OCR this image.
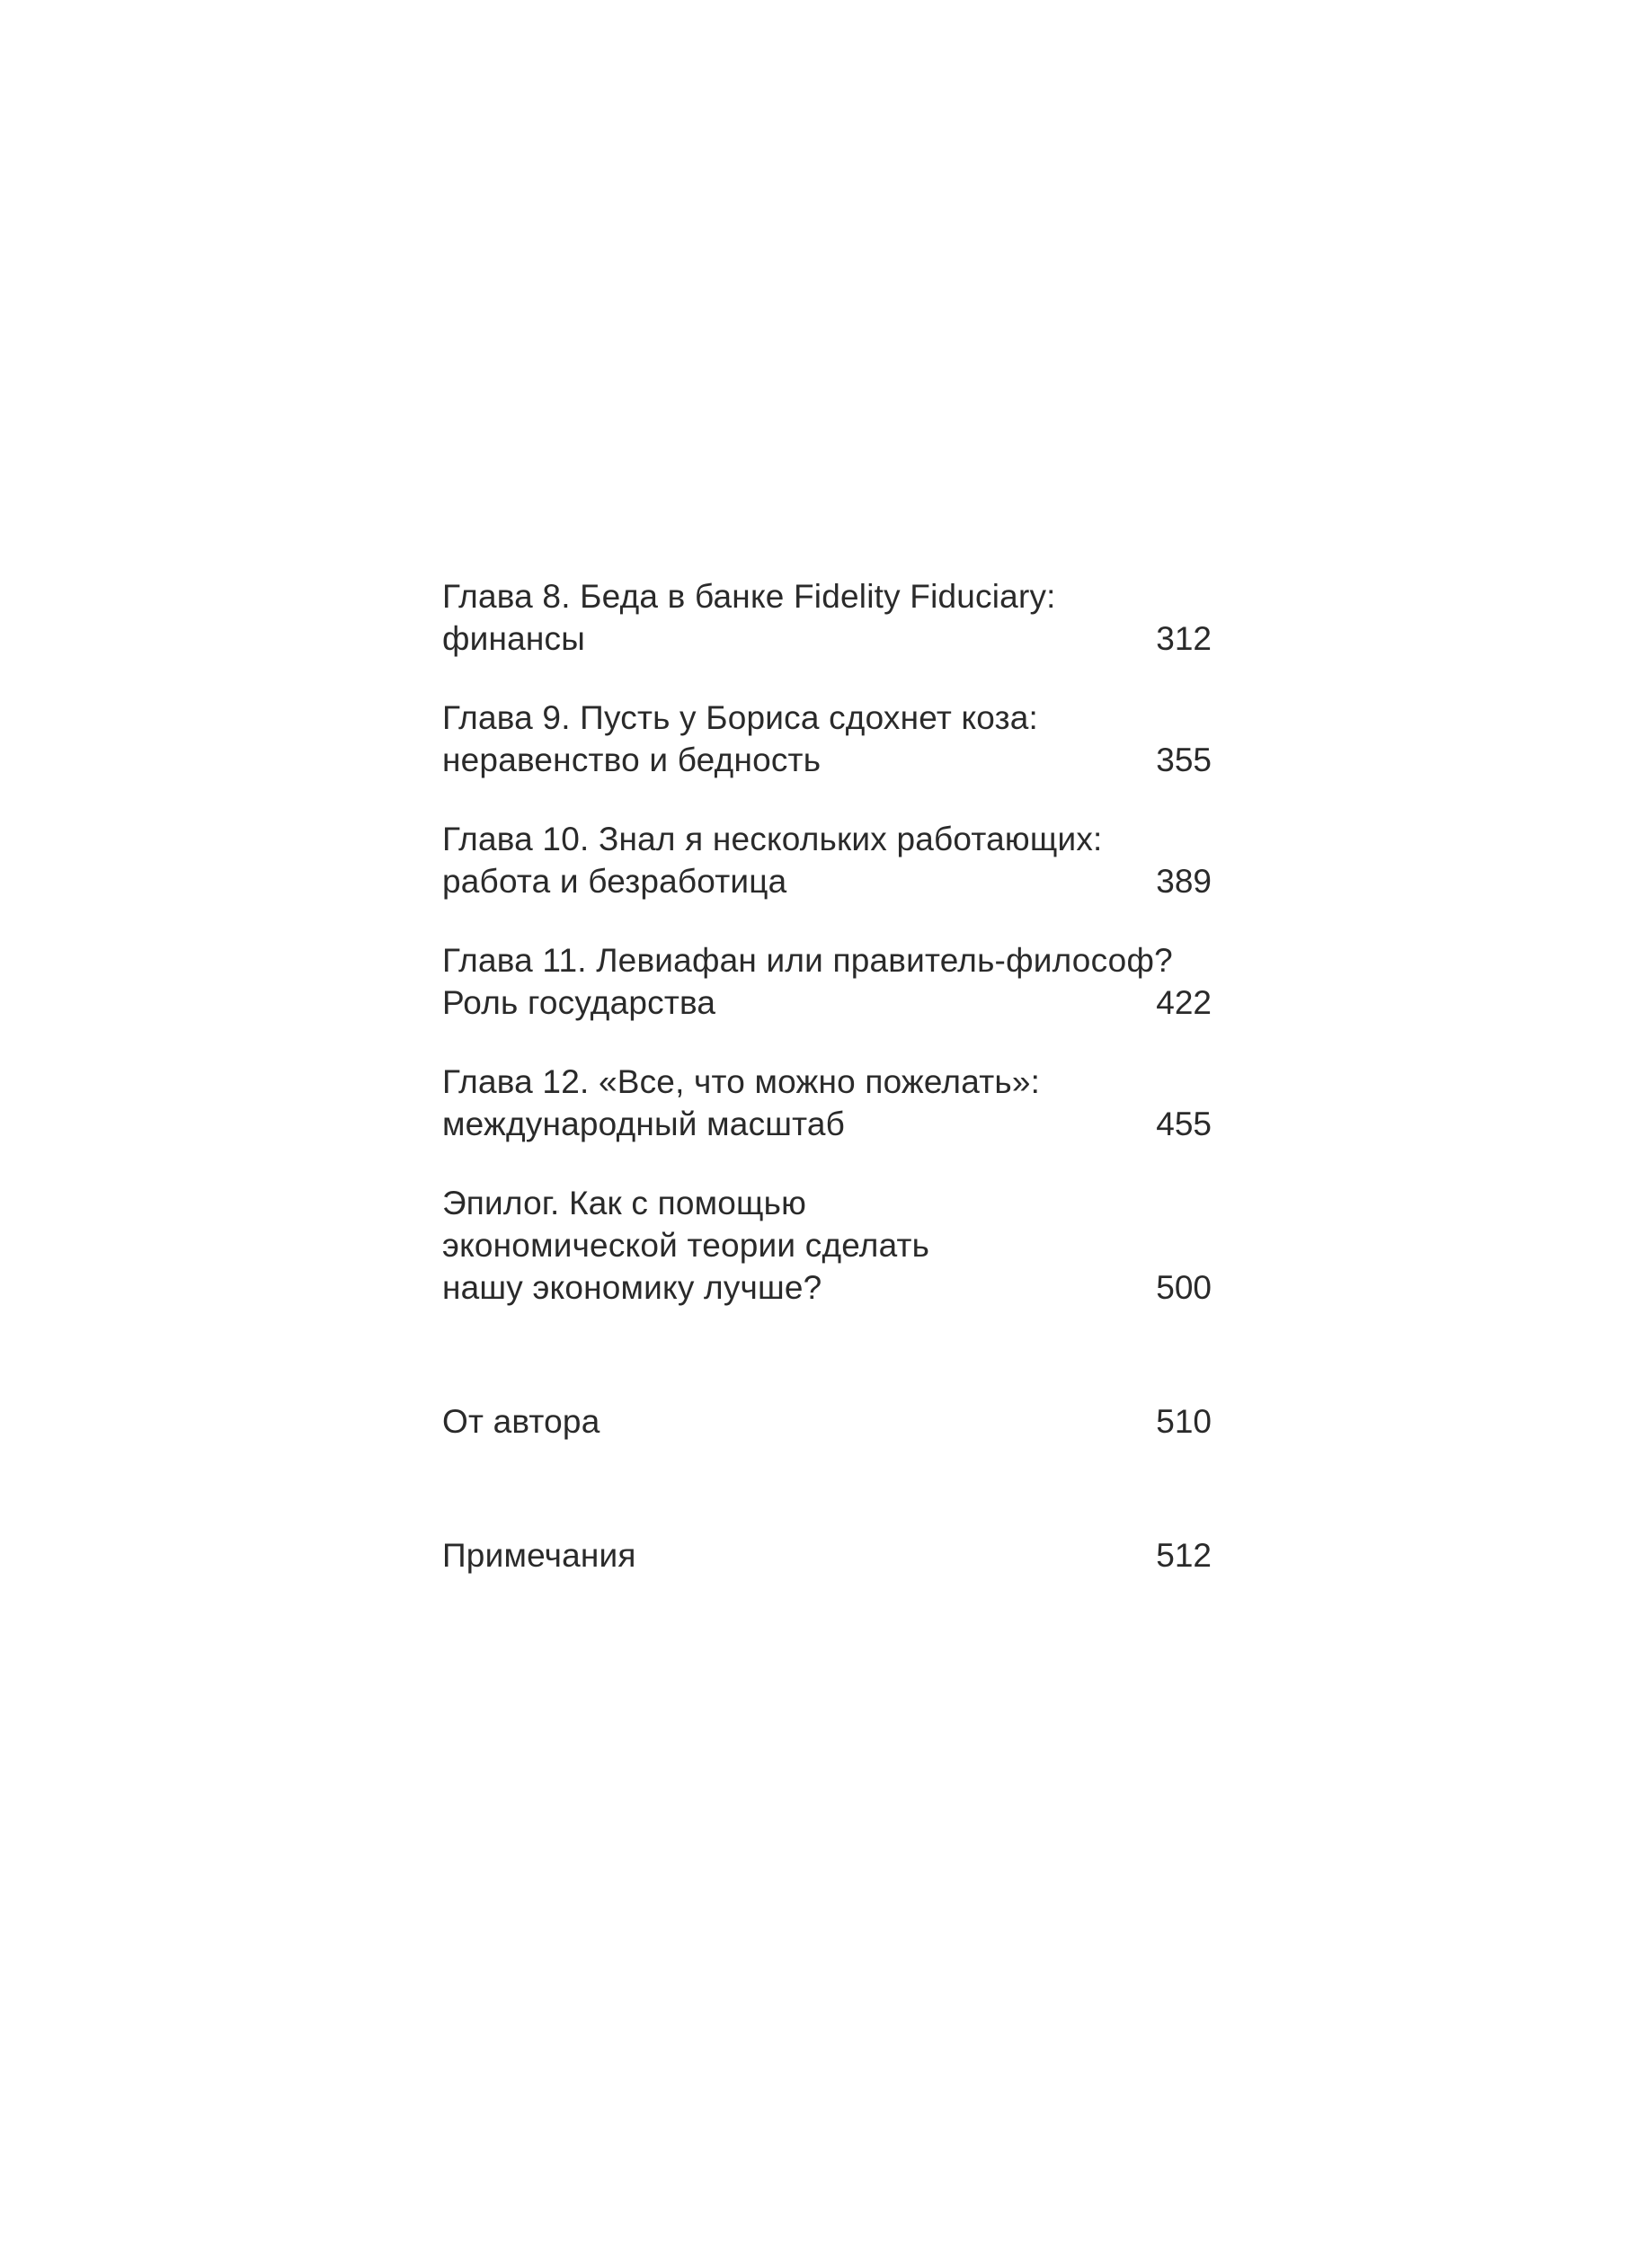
Глава 8. Беда в банке Fidelity Fiduciary:
финансы	312
Глава 9. Пусть у Бориса сдохнет коза:
неравенство и бедность	355
Глава 10. Знал я нескольких работающих:
работа и безработица	389
Глава 11. Левиафан или правитель-философ?
Роль государства	422
Глава 12. «Все, что можно пожелать»:
международный масштаб	455
Эпилог. Как с помощью
экономической теории сделать
нашу экономику лучше?	500
От автора	510
Примечания	512
